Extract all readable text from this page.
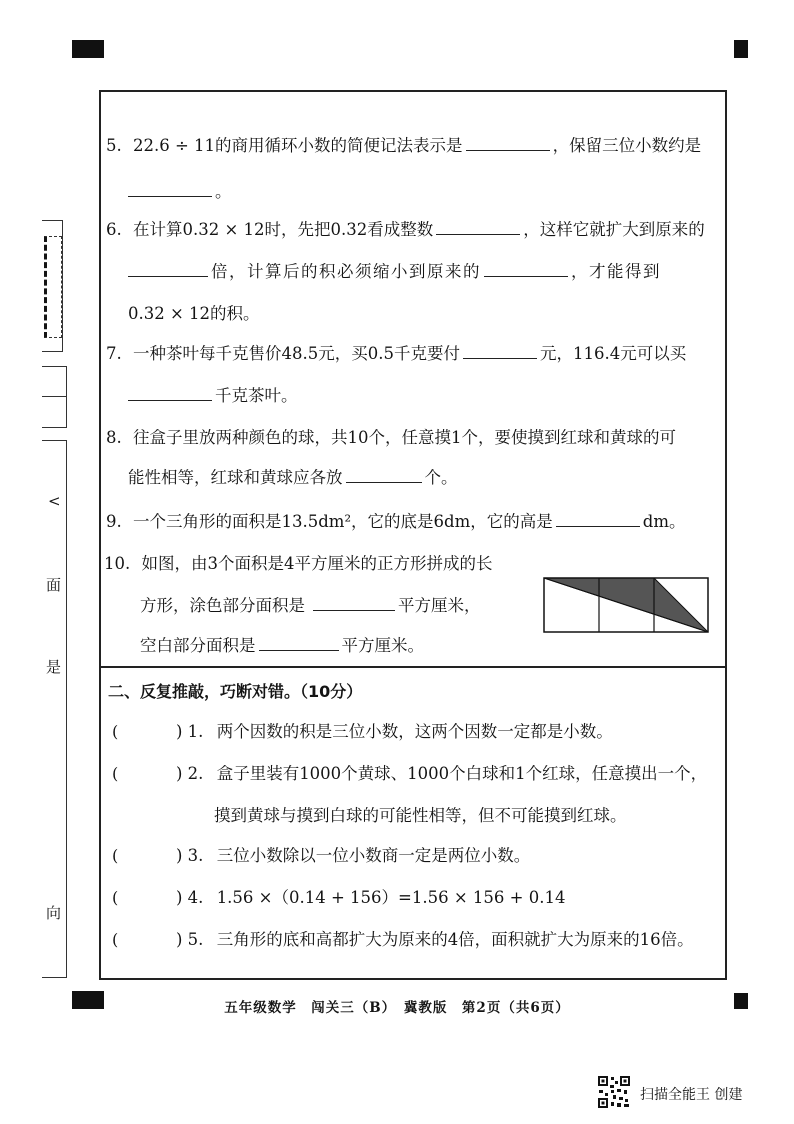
<
面
是
向
5. 22.6 ÷ 11的商用循环小数的简便记法表示是	，保留三位小数约是
。
6. 在计算0.32 × 12时，先把0.32看成整数	，这样它就扩大到原来的
倍，计算后的积必须缩小到原来的	，才能得到
0.32 × 12的积。
7. 一种茶叶每千克售价48.5元，买0.5千克要付	元，116.4元可以买
千克茶叶。
8. 往盒子里放两种颜色的球，共10个，任意摸1个，要使摸到红球和黄球的可
能性相等，红球和黄球应各放	个。
9. 一个三角形的面积是13.5dm²，它的底是6dm，它的高是	dm。
10. 如图，由3个面积是4平方厘米的正方形拼成的长
方形，涂色部分面积是	平方厘米，
空白部分面积是	平方厘米。
二、反复推敲，巧断对错。（10分）
(	) 1. 两个因数的积是三位小数，这两个因数一定都是小数。
(	) 2. 盒子里装有1000个黄球、1000个白球和1个红球，任意摸出一个，
摸到黄球与摸到白球的可能性相等，但不可能摸到红球。
(	) 3. 三位小数除以一位小数商一定是两位小数。
(	) 4. 1.56 ×（0.14 + 156）=1.56 × 156 + 0.14
(	) 5. 三角形的底和高都扩大为原来的4倍，面积就扩大为原来的16倍。
五年级数学　闯关三（B）　冀教版　第2页（共6页）
扫描全能王 创建
